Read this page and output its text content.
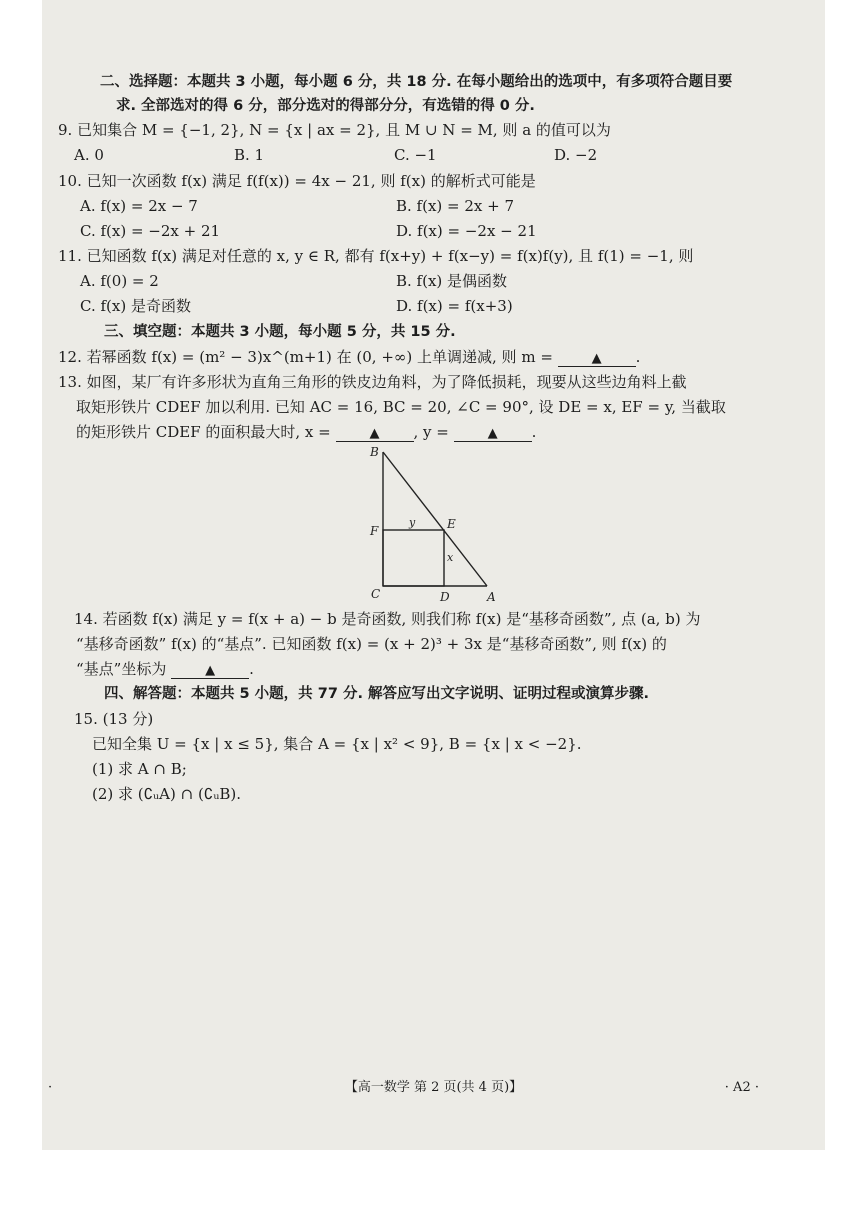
二、选择题：本题共 3 小题，每小题 6 分，共 18 分. 在每小题给出的选项中，有多项符合题目要
求. 全部选对的得 6 分，部分选对的得部分分，有选错的得 0 分.
9. 已知集合 M = {−1, 2}, N = {x | ax = 2}, 且 M ∪ N = M, 则 a 的值可以为
A. 0	B. 1	C. −1	D. −2
10. 已知一次函数 f(x) 满足 f(f(x)) = 4x − 21, 则 f(x) 的解析式可能是
A. f(x) = 2x − 7	B. f(x) = 2x + 7
C. f(x) = −2x + 21	D. f(x) = −2x − 21
11. 已知函数 f(x) 满足对任意的 x, y ∈ R, 都有 f(x+y) + f(x−y) = f(x)f(y), 且 f(1) = −1, 则
A. f(0) = 2	B. f(x) 是偶函数
C. f(x) 是奇函数	D. f(x) = f(x+3)
三、填空题：本题共 3 小题，每小题 5 分，共 15 分.
12. 若幂函数 f(x) = (m² − 3)x^(m+1) 在 (0, +∞) 上单调递减, 则 m =	▲ .
13. 如图，某厂有许多形状为直角三角形的铁皮边角料，为了降低损耗，现要从这些边角料上截
取矩形铁片 CDEF 加以利用. 已知 AC = 16, BC = 20, ∠C = 90°, 设 DE = x, EF = y, 当截取
的矩形铁片 CDEF 的面积最大时, x =	▲ , y =	▲ .
B
F	E
C	D	A
x
y
14. 若函数 f(x) 满足 y = f(x + a) − b 是奇函数, 则我们称 f(x) 是“基移奇函数”, 点 (a, b) 为
“基移奇函数” f(x) 的“基点”. 已知函数 f(x) = (x + 2)³ + 3x 是“基移奇函数”, 则 f(x) 的
“基点”坐标为	▲ .
四、解答题：本题共 5 小题，共 77 分. 解答应写出文字说明、证明过程或演算步骤.
15. (13 分)
已知全集 U = {x | x ≤ 5}, 集合 A = {x | x² < 9}, B = {x | x < −2}.
(1) 求 A ∩ B;
(2) 求 (∁ᵤA) ∩ (∁ᵤB).
·	【高一数学 第 2 页(共 4 页)】	· A2 ·
